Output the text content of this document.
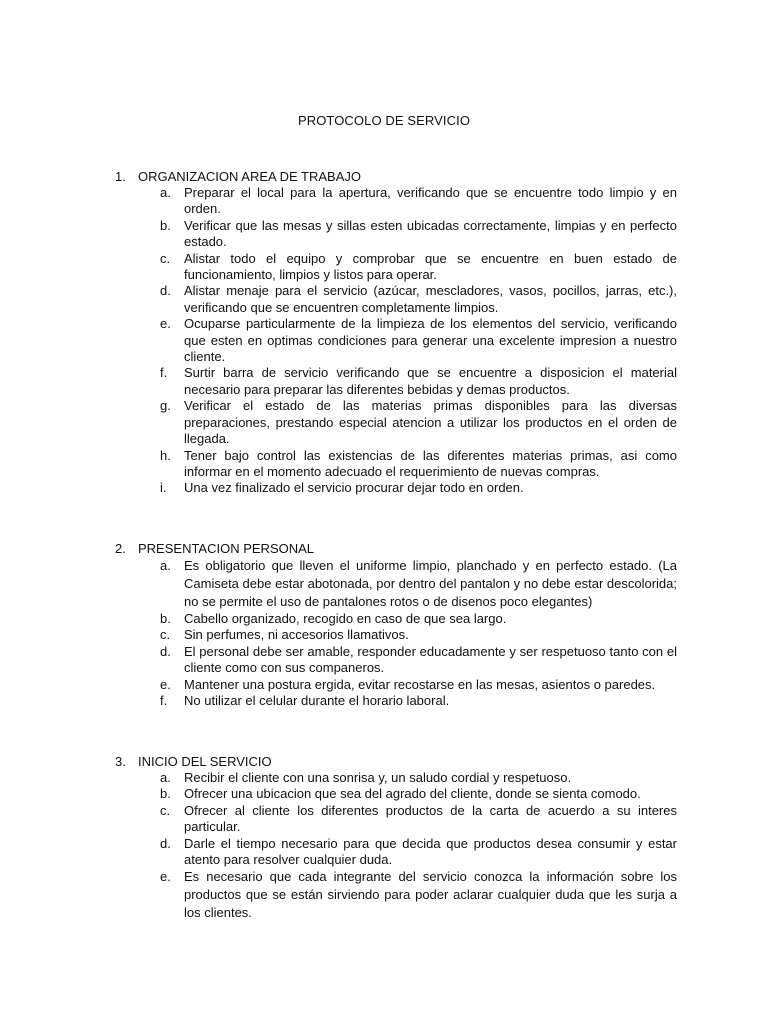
PROTOCOLO DE SERVICIO
1. ORGANIZACION AREA DE TRABAJO
a. Preparar el local para la apertura, verificando que se encuentre todo limpio y en orden.
b. Verificar que las mesas y sillas esten ubicadas correctamente, limpias y en perfecto estado.
c. Alistar todo el equipo y comprobar que se encuentre en buen estado de funcionamiento, limpios y listos para operar.
d. Alistar menaje para el servicio (azúcar, mescladores, vasos, pocillos, jarras, etc.), verificando que se encuentren completamente limpios.
e. Ocuparse particularmente de la limpieza de los elementos del servicio, verificando que esten en optimas condiciones para generar una excelente impresion a nuestro cliente.
f. Surtir barra de servicio verificando que se encuentre a disposicion el material necesario para preparar las diferentes bebidas y demas productos.
g. Verificar el estado de las materias primas disponibles para las diversas preparaciones, prestando especial atencion a utilizar los productos en el orden de llegada.
h. Tener bajo control las existencias de las diferentes materias primas, asi como informar en el momento adecuado el requerimiento de nuevas compras.
i. Una vez finalizado el servicio procurar dejar todo en orden.
2. PRESENTACION PERSONAL
a. Es obligatorio que lleven el uniforme limpio, planchado y en perfecto estado. (La Camiseta debe estar abotonada, por dentro del pantalon y no debe estar descolorida; no se permite el uso de pantalones rotos o de disenos poco elegantes)
b. Cabello organizado, recogido en caso de que sea largo.
c. Sin perfumes, ni accesorios llamativos.
d. El personal debe ser amable, responder educadamente y ser respetuoso tanto con el cliente como con sus companeros.
e. Mantener una postura ergida, evitar recostarse en las mesas, asientos o paredes.
f. No utilizar el celular durante el horario laboral.
3. INICIO DEL SERVICIO
a. Recibir el cliente con una sonrisa y, un saludo cordial y respetuoso.
b. Ofrecer una ubicacion que sea del agrado del cliente, donde se sienta comodo.
c. Ofrecer al cliente los diferentes productos de la carta de acuerdo a su interes particular.
d. Darle el tiempo necesario para que decida que productos desea consumir y estar atento para resolver cualquier duda.
e. Es necesario que cada integrante del servicio conozca la información sobre los productos que se están sirviendo para poder aclarar cualquier duda que les surja a los clientes.
